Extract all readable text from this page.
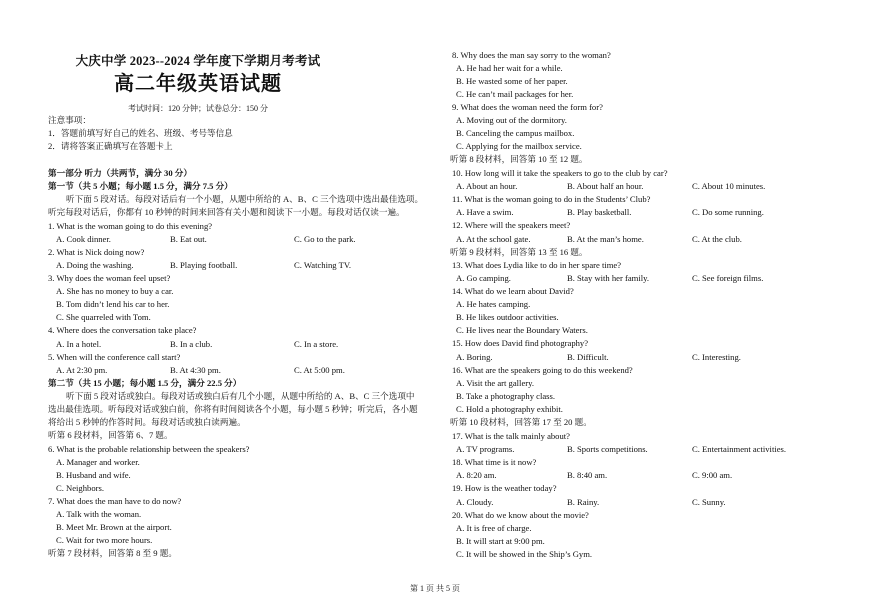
大庆中学 2023--2024 学年度下学期月考考试
高二年级英语试题
考试时间：120 分钟；试卷总分：150 分
注意事项：
1．答题前填写好自己的姓名、班级、考号等信息
2．请将答案正确填写在答题卡上
第一部分 听力（共两节，满分 30 分）
第一节（共 5 小题；每小题 1.5 分，满分 7.5 分）
听下面 5 段对话。每段对话后有一个小题，从题中所给的 A、B、C 三个选项中选出最佳选项。
听完每段对话后，你都有 10 秒钟的时间来回答有关小题和阅读下一小题。每段对话仅读一遍。
1. What is the woman going to do this evening?
A. Cook dinner.	B. Eat out.	C. Go to the park.
2. What is Nick doing now?
A. Doing the washing.	B. Playing football.	C. Watching TV.
3. Why does the woman feel upset?
A. She has no money to buy a car.
B. Tom didn’t lend his car to her.
C. She quarreled with Tom.
4. Where does the conversation take place?
A. In a hotel.	B. In a club.	C. In a store.
5. When will the conference call start?
A. At 2:30 pm.	B. At 4:30 pm.	C. At 5:00 pm.
第二节（共 15 小题；每小题 1.5 分，满分 22.5 分）
听下面 5 段对话或独白。每段对话或独白后有几个小题，从题中所给的 A、B、C 三个选项中
选出最佳选项。听每段对话或独白前，你将有时间阅读各个小题，每小题 5 秒钟；听完后，各小题
将给出 5 秒钟的作答时间。每段对话或独白读两遍。
听第 6 段材料，回答第 6、7 题。
6. What is the probable relationship between the speakers?
A. Manager and worker.
B. Husband and wife.
C. Neighbors.
7. What does the man have to do now?
A. Talk with the woman.
B. Meet Mr. Brown at the airport.
C. Wait for two more hours.
听第 7 段材料，回答第 8 至 9 题。
8. Why does the man say sorry to the woman?
A. He had her wait for a while.
B. He wasted some of her paper.
C. He can’t mail packages for her.
9. What does the woman need the form for?
A. Moving out of the dormitory.
B. Canceling the campus mailbox.
C. Applying for the mailbox service.
听第 8 段材料，回答第 10 至 12 题。
10. How long will it take the speakers to go to the club by car?
A. About an hour.	B. About half an hour.	C. About 10 minutes.
11. What is the woman going to do in the Students’ Club?
A. Have a swim.	B. Play basketball.	C. Do some running.
12. Where will the speakers meet?
A. At the school gate.	B. At the man’s home.	C. At the club.
听第 9 段材料，回答第 13 至 16 题。
13. What does Lydia like to do in her spare time?
A. Go camping.	B. Stay with her family.	C. See foreign films.
14. What do we learn about David?
A. He hates camping.
B. He likes outdoor activities.
C. He lives near the Boundary Waters.
15. How does David find photography?
A. Boring.	B. Difficult.	C. Interesting.
16. What are the speakers going to do this weekend?
A. Visit the art gallery.
B. Take a photography class.
C. Hold a photography exhibit.
听第 10 段材料，回答第 17 至 20 题。
17. What is the talk mainly about?
A. TV programs.	B. Sports competitions.	C. Entertainment activities.
18. What time is it now?
A. 8:20 am.	B. 8:40 am.	C. 9:00 am.
19. How is the weather today?
A. Cloudy.	B. Rainy.	C. Sunny.
20. What do we know about the movie?
A. It is free of charge.
B. It will start at 9:00 pm.
C. It will be showed in the Ship’s Gym.
第 1 页 共 5 页
